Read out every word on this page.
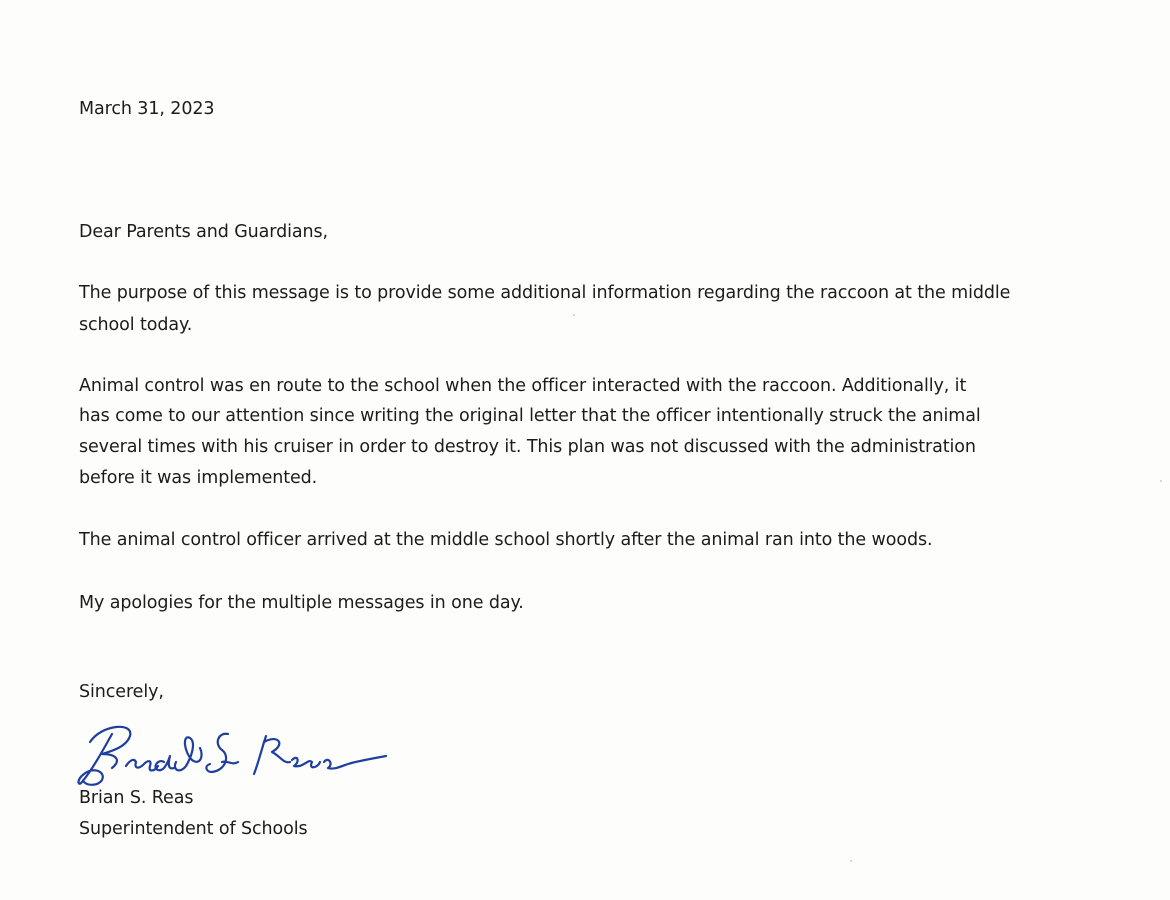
March 31, 2023
Dear Parents and Guardians,
The purpose of this message is to provide some additional information regarding the raccoon at the middle
school today.
Animal control was en route to the school when the officer interacted with the raccoon. Additionally, it
has come to our attention since writing the original letter that the officer intentionally struck the animal
several times with his cruiser in order to destroy it. This plan was not discussed with the administration
before it was implemented.
The animal control officer arrived at the middle school shortly after the animal ran into the woods.
My apologies for the multiple messages in one day.
Sincerely,
Brian S. Reas
Superintendent of Schools
